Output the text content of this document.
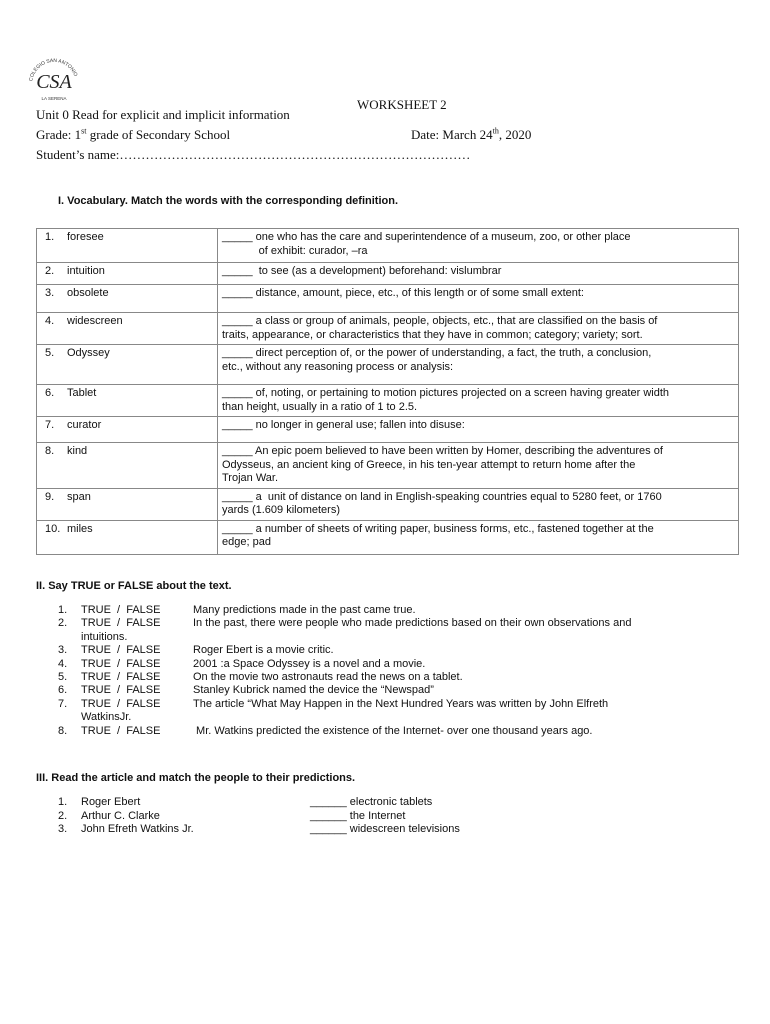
COLEGIO SAN ANTONIO
CSA
LA SERENA	WORKSHEET 2
Unit 0 Read for explicit and implicit information
Grade: 1st grade of Secondary School	Date: March 24th, 2020
Student’s name:………………………………………………………………………
I. Vocabulary. Match the words with the corresponding definition.
1. foresee	_____ one who has the care and superintendence of a museum, zoo, or other place
of exhibit: curador, –ra

2. intuition	_____  to see (as a development) beforehand: vislumbrar

3. obsolete	_____ distance, amount, piece, etc., of this length or of some small extent:

4. widescreen	_____ a class or group of animals, people, objects, etc., that are classified on the basis of
traits, appearance, or characteristics that they have in common; category; variety; sort.

5. Odyssey	_____ direct perception of, or the power of understanding, a fact, the truth, a conclusion,
etc., without any reasoning process or analysis:

6. Tablet	_____ of, noting, or pertaining to motion pictures projected on a screen having greater width
than height, usually in a ratio of 1 to 2.5.

7. curator	_____ no longer in general use; fallen into disuse:

8. kind	_____ An epic poem believed to have been written by Homer, describing the adventures of
Odysseus, an ancient king of Greece, in his ten-year attempt to return home after the
Trojan War.

9. span	_____ a  unit of distance on land in English-speaking countries equal to 5280 feet, or 1760
yards (1.609 kilometers)

10. miles	_____ a number of sheets of writing paper, business forms, etc., fastened together at the
edge; pad
II. Say TRUE or FALSE about the text.
1. TRUE  /  FALSE	Many predictions made in the past came true.
2. TRUE  /  FALSE	In the past, there were people who made predictions based on their own observations and
intuitions.
3. TRUE  /  FALSE	Roger Ebert is a movie critic.
4. TRUE  /  FALSE	2001 :a Space Odyssey is a novel and a movie.
5. TRUE  /  FALSE	On the movie two astronauts read the news on a tablet.
6. TRUE  /  FALSE	Stanley Kubrick named the device the “Newspad”
7. TRUE  /  FALSE	The article “What May Happen in the Next Hundred Years was written by John Elfreth
WatkinsJr.
8. TRUE  /  FALSE	Mr. Watkins predicted the existence of the Internet- over one thousand years ago.
III. Read the article and match the people to their predictions.
1. Roger Ebert	______ electronic tablets
2. Arthur C. Clarke	______ the Internet
3. John Efreth Watkins Jr.	______ widescreen televisions
